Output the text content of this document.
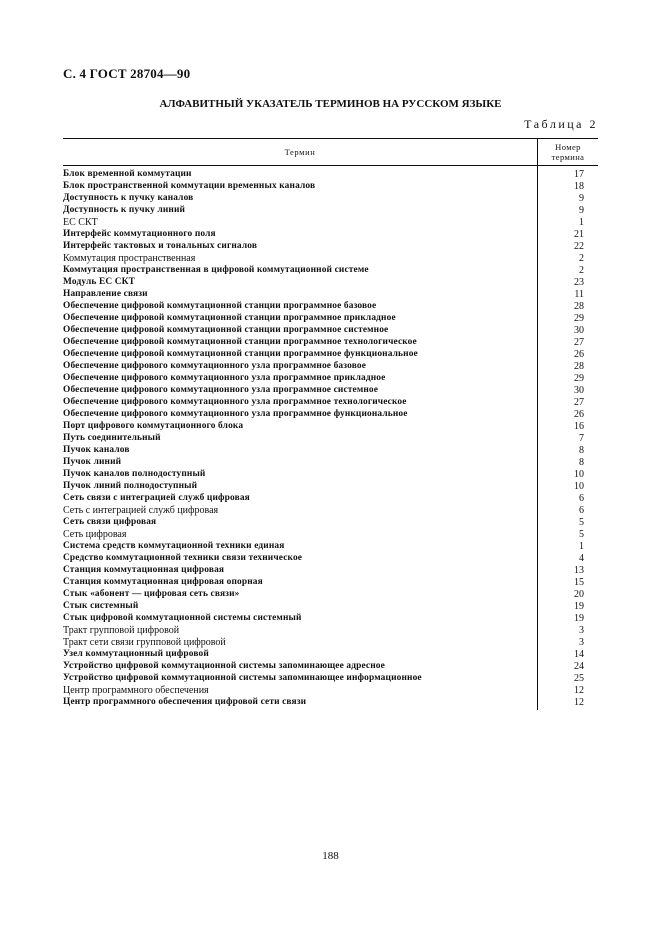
С. 4 ГОСТ 28704—90
АЛФАВИТНЫЙ УКАЗАТЕЛЬ ТЕРМИНОВ НА РУССКОМ ЯЗЫКЕ
Таблица 2
Термин	Номер
термина
Блок временной коммутации	17
Блок пространственной коммутации временных каналов	18
Доступность к пучку каналов	9
Доступность к пучку линий	9
ЕС СКТ	1
Интерфейс коммутационного поля	21
Интерфейс тактовых и тональных сигналов	22
Коммутация пространственная	2
Коммутация пространственная в цифровой коммутационной системе	2
Модуль ЕС СКТ	23
Направление связи	11
Обеспечение цифровой коммутационной станции программное базовое	28
Обеспечение цифровой коммутационной станции программное прикладное	29
Обеспечение цифровой коммутационной станции программное системное	30
Обеспечение цифровой коммутационной станции программное технологическое	27
Обеспечение цифровой коммутационной станции программное функциональное	26
Обеспечение цифрового коммутационного узла программное базовое	28
Обеспечение цифрового коммутационного узла программное прикладное	29
Обеспечение цифрового коммутационного узла программное системное	30
Обеспечение цифрового коммутационного узла программное технологическое	27
Обеспечение цифрового коммутационного узла программное функциональное	26
Порт цифрового коммутационного блока	16
Путь соединительный	7
Пучок каналов	8
Пучок линий	8
Пучок каналов полнодоступный	10
Пучок линий полнодоступный	10
Сеть связи с интеграцией служб цифровая	6
Сеть с интеграцией служб цифровая	6
Сеть связи цифровая	5
Сеть цифровая	5
Система средств коммутационной техники единая	1
Средство коммутационной техники связи техническое	4
Станция коммутационная цифровая	13
Станция коммутационная цифровая опорная	15
Стык «абонент — цифровая сеть связи»	20
Стык системный	19
Стык цифровой коммутационной системы системный	19
Тракт групповой цифровой	3
Тракт сети связи групповой цифровой	3
Узел коммутационный цифровой	14
Устройство цифровой коммутационной системы запоминающее адресное	24
Устройство цифровой коммутационной системы запоминающее информационное	25
Центр программного обеспечения	12
Центр программного обеспечения цифровой сети связи	12
188
